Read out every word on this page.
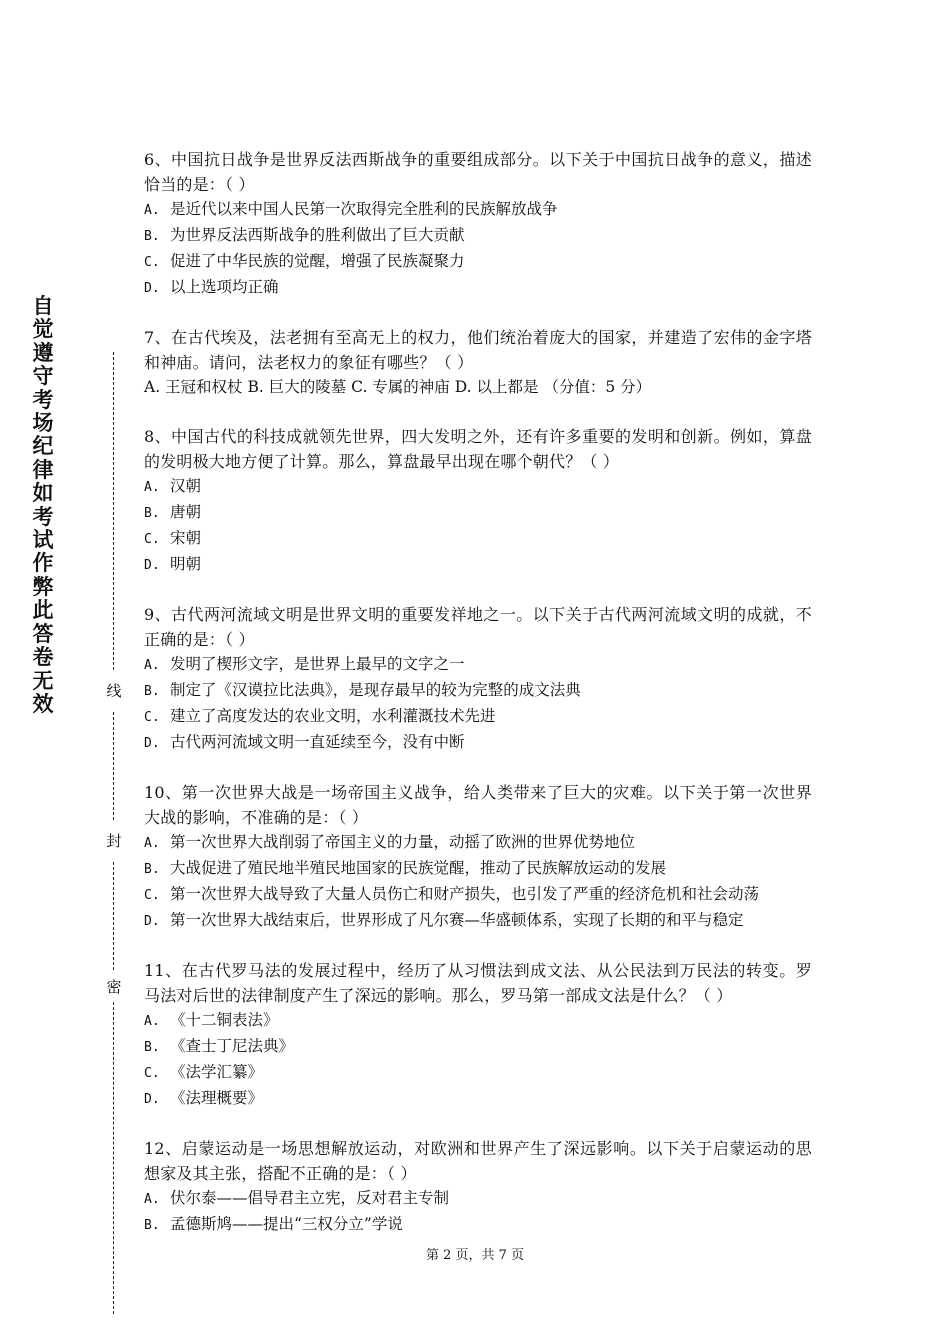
自
觉
遵
守
考
场
纪
律
如
考
试
作
弊
此
答
卷
无
效
线
封
密
6、中国抗日战争是世界反法西斯战争的重要组成部分。以下关于中国抗日战争的意义，描述恰当的是：（ ）
A. 是近代以来中国人民第一次取得完全胜利的民族解放战争
B. 为世界反法西斯战争的胜利做出了巨大贡献
C. 促进了中华民族的觉醒，增强了民族凝聚力
D. 以上选项均正确
7、在古代埃及，法老拥有至高无上的权力，他们统治着庞大的国家，并建造了宏伟的金字塔和神庙。请问，法老权力的象征有哪些？（ ）
A. 王冠和权杖 B. 巨大的陵墓 C. 专属的神庙 D. 以上都是 （分值：5 分）
8、中国古代的科技成就领先世界，四大发明之外，还有许多重要的发明和创新。例如，算盘的发明极大地方便了计算。那么，算盘最早出现在哪个朝代？（ ）
A. 汉朝
B. 唐朝
C. 宋朝
D. 明朝
9、古代两河流域文明是世界文明的重要发祥地之一。以下关于古代两河流域文明的成就，不正确的是：（ ）
A. 发明了楔形文字，是世界上最早的文字之一
B. 制定了《汉谟拉比法典》，是现存最早的较为完整的成文法典
C. 建立了高度发达的农业文明，水利灌溉技术先进
D. 古代两河流域文明一直延续至今，没有中断
10、第一次世界大战是一场帝国主义战争，给人类带来了巨大的灾难。以下关于第一次世界大战的影响，不准确的是：（ ）
A. 第一次世界大战削弱了帝国主义的力量，动摇了欧洲的世界优势地位
B. 大战促进了殖民地半殖民地国家的民族觉醒，推动了民族解放运动的发展
C. 第一次世界大战导致了大量人员伤亡和财产损失，也引发了严重的经济危机和社会动荡
D. 第一次世界大战结束后，世界形成了凡尔赛—华盛顿体系，实现了长期的和平与稳定
11、在古代罗马法的发展过程中，经历了从习惯法到成文法、从公民法到万民法的转变。罗马法对后世的法律制度产生了深远的影响。那么，罗马第一部成文法是什么？（ ）
A. 《十二铜表法》
B. 《查士丁尼法典》
C. 《法学汇纂》
D. 《法理概要》
12、启蒙运动是一场思想解放运动，对欧洲和世界产生了深远影响。以下关于启蒙运动的思想家及其主张，搭配不正确的是：（ ）
A. 伏尔泰——倡导君主立宪，反对君主专制
B. 孟德斯鸠——提出“三权分立”学说
第 2 页，共 7 页
